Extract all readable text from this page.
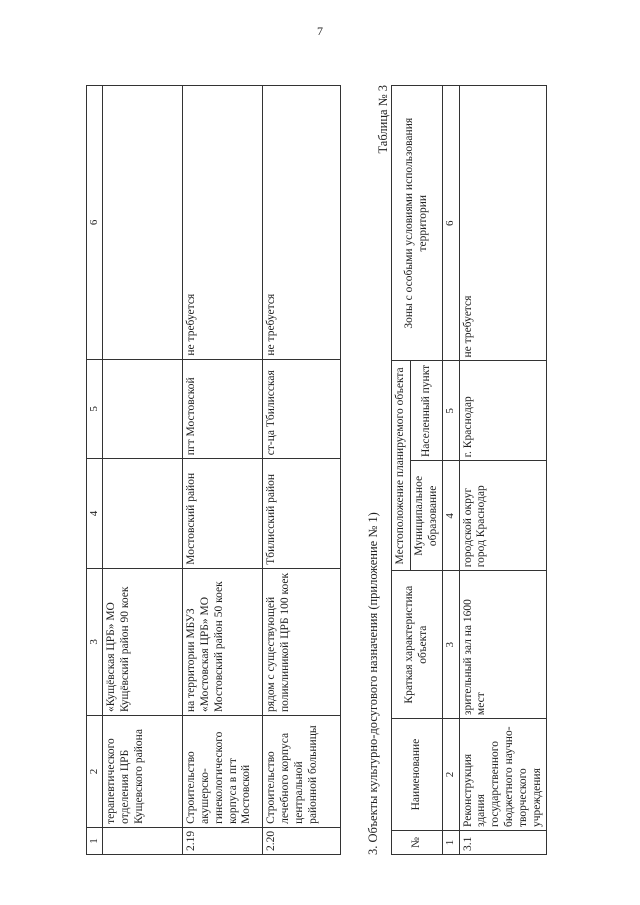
7
1	2	3	4	5	6
	терапевтического отделения ЦРБ Кущевского района	«Кущёвская ЦРБ» МО Кущёвский район 90 коек			
2.19	Строительство акушерско-гинекологического корпуса в пгт Мостовской	на территории МБУЗ «Мостовская ЦРБ» МО Мостовский район 50 коек	Мостовский район	пгт Мостовской	не требуется
2.20	Строительство лечебного корпуса центральной районной больницы	рядом с существующей поликлиникой ЦРБ 100 коек	Тбилисский район	ст-ца Тбилисская	не требуется
3. Объекты культурно-досугового назначения (приложение № 1)
Таблица № 3
№	Наименование	Краткая характеристика объекта	Местоположение планируемого объекта		Зоны с особыми условиями использования территории
			Муниципальное образование	Населенный пункт	
1	2	3	4	5	6
3.1	Реконструкция здания государственного бюджетного научно-творческого учреждения	зрительный зал на 1600 мест	городской округ город Краснодар	г. Краснодар	не требуется
